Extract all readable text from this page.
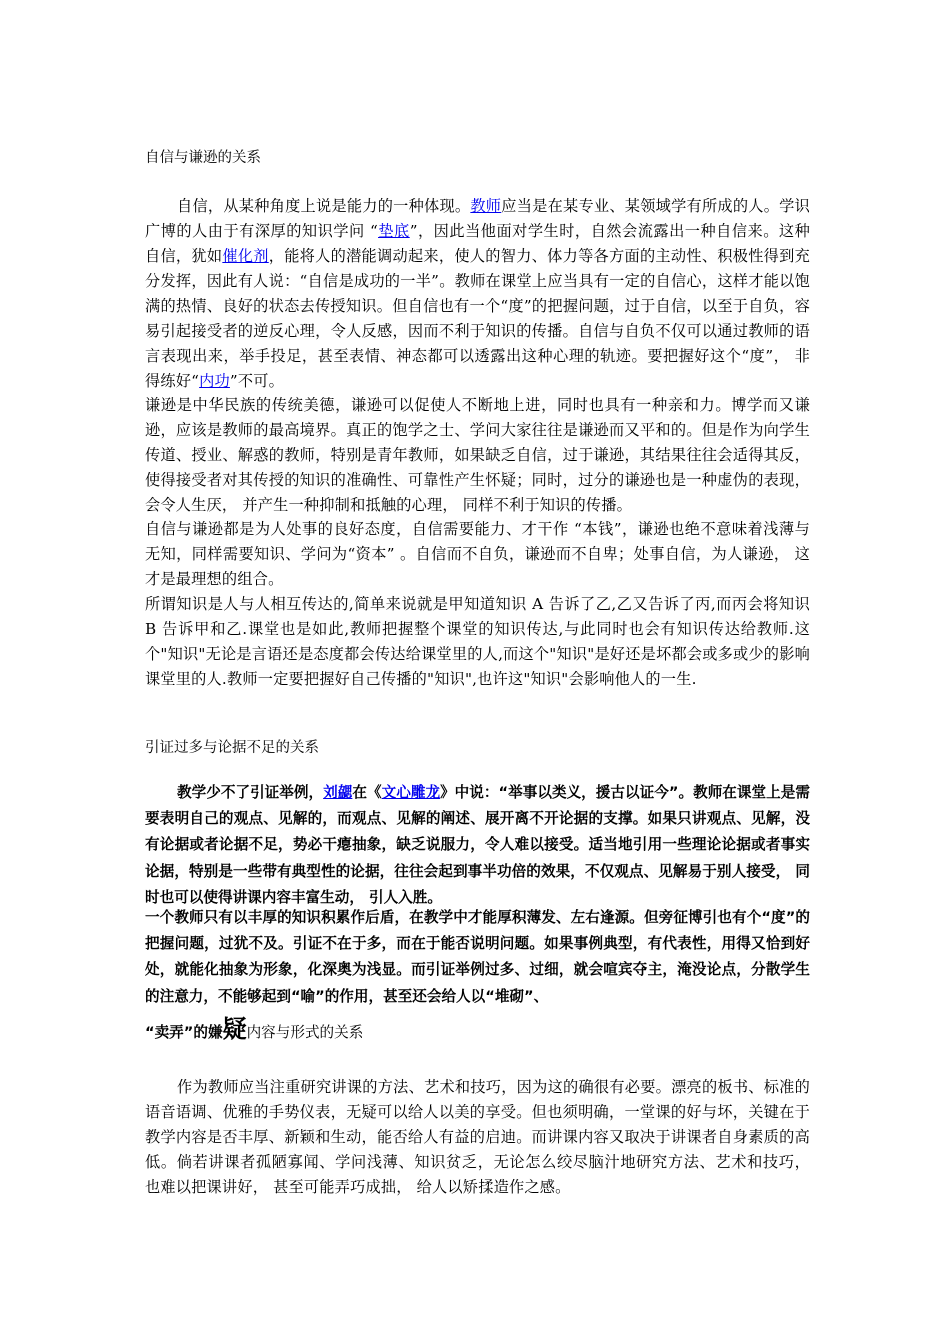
自信与谦逊的关系
自信，从某种角度上说是能力的一种体现。教师应当是在某专业、某领域学有所成的人。学识广博的人由于有深厚的知识学问 “垫底”，因此当他面对学生时，自然会流露出一种自信来。这种自信，犹如催化剂，能将人的潜能调动起来，使人的智力、体力等各方面的主动性、积极性得到充分发挥，因此有人说：“自信是成功的一半”。教师在课堂上应当具有一定的自信心，这样才能以饱满的热情、良好的状态去传授知识。但自信也有一个“度”的把握问题，过于自信，以至于自负，容易引起接受者的逆反心理，令人反感，因而不利于知识的传播。自信与自负不仅可以通过教师的语言表现出来，举手投足，甚至表情、神态都可以透露出这种心理的轨迹。要把握好这个“度”， 非得练好“内功”不可。
谦逊是中华民族的传统美德，谦逊可以促使人不断地上进，同时也具有一种亲和力。博学而又谦逊，应该是教师的最高境界。真正的饱学之士、学问大家往往是谦逊而又平和的。但是作为向学生传道、授业、解惑的教师，特别是青年教师，如果缺乏自信，过于谦逊，其结果往往会适得其反，使得接受者对其传授的知识的准确性、可靠性产生怀疑；同时，过分的谦逊也是一种虚伪的表现， 会令人生厌， 并产生一种抑制和抵触的心理， 同样不利于知识的传播。
自信与谦逊都是为人处事的良好态度，自信需要能力、才干作 “本钱”，谦逊也绝不意味着浅薄与无知，同样需要知识、学问为“资本” 。自信而不自负，谦逊而不自卑；处事自信，为人谦逊， 这才是最理想的组合。
所谓知识是人与人相互传达的,简单来说就是甲知道知识 A 告诉了乙,乙又告诉了丙,而丙会将知识 B 告诉甲和乙.课堂也是如此,教师把握整个课堂的知识传达,与此同时也会有知识传达给教师.这个"知识"无论是言语还是态度都会传达给课堂里的人,而这个"知识"是好还是坏都会或多或少的影响课堂里的人.教师一定要把握好自己传播的"知识",也许这"知识"会影响他人的一生.
引证过多与论据不足的关系
教学少不了引证举例，刘勰在《文心雕龙》中说：“举事以类义，援古以证今”。教师在课堂上是需要表明自己的观点、见解的，而观点、见解的阐述、展开离不开论据的支撑。如果只讲观点、见解，没有论据或者论据不足，势必干瘪抽象，缺乏说服力，令人难以接受。适当地引用一些理论论据或者事实论据，特别是一些带有典型性的论据，往往会起到事半功倍的效果，不仅观点、见解易于别人接受， 同时也可以使得讲课内容丰富生动， 引人入胜。
一个教师只有以丰厚的知识积累作后盾，在教学中才能厚积薄发、左右逢源。但旁征博引也有个“度”的把握问题，过犹不及。引证不在于多，而在于能否说明问题。如果事例典型，有代表性，用得又恰到好处，就能化抽象为形象，化深奥为浅显。而引证举例过多、过细，就会喧宾夺主，淹没论点，分散学生的注意力，不能够起到“喻”的作用，甚至还会给人以“堆砌”、
“卖弄”的嫌疑内容与形式的关系
作为教师应当注重研究讲课的方法、艺术和技巧，因为这的确很有必要。漂亮的板书、标准的语音语调、优雅的手势仪表，无疑可以给人以美的享受。但也须明确，一堂课的好与坏，关键在于教学内容是否丰厚、新颖和生动，能否给人有益的启迪。而讲课内容又取决于讲课者自身素质的高低。倘若讲课者孤陋寡闻、学问浅薄、知识贫乏，无论怎么绞尽脑汁地研究方法、艺术和技巧， 也难以把课讲好， 甚至可能弄巧成拙， 给人以矫揉造作之感。
